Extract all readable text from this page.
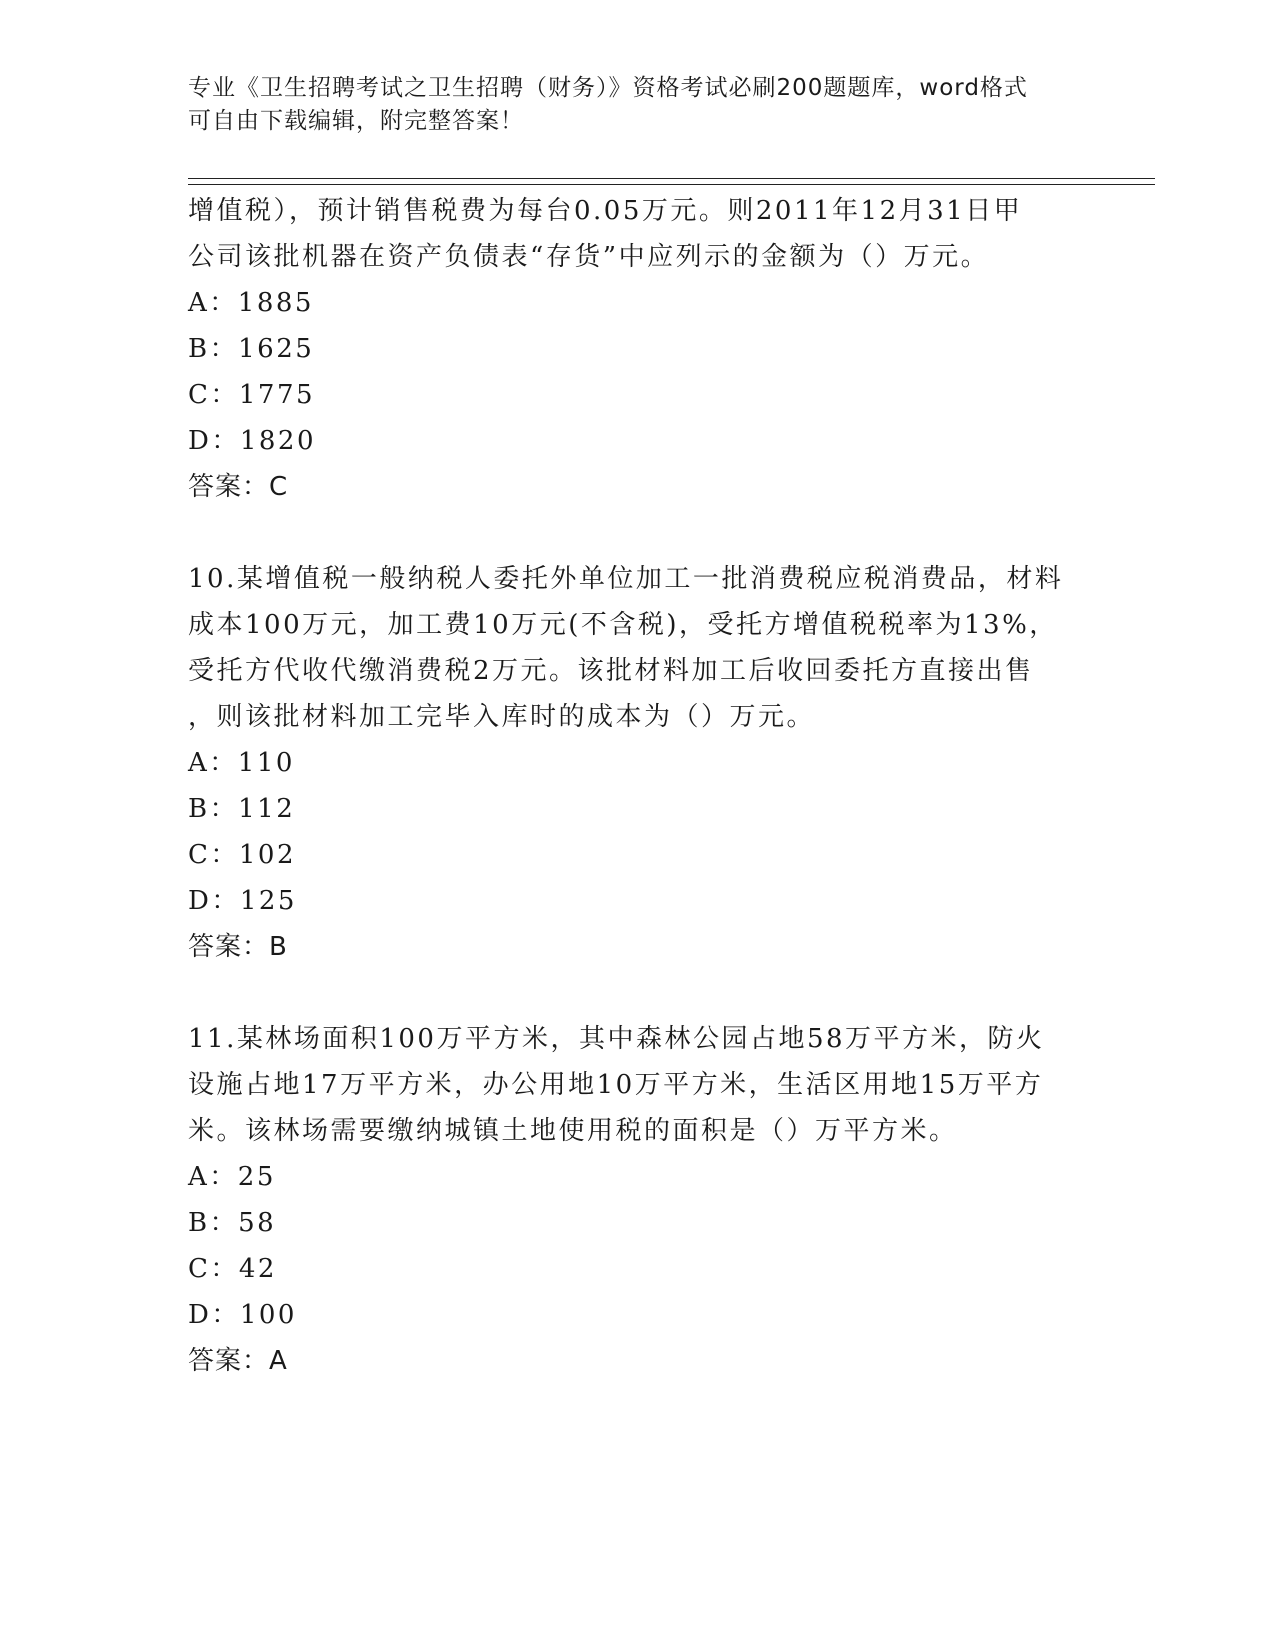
专业《卫生招聘考试之卫生招聘（财务）》资格考试必刷200题题库，word格式
可自由下载编辑，附完整答案！
增值税），预计销售税费为每台0.05万元。则2011年12月31日甲
公司该批机器在资产负债表“存货”中应列示的金额为（）万元。
A：1885
B：1625
C：1775
D：1820
答案：C
10.某增值税一般纳税人委托外单位加工一批消费税应税消费品，材料
成本100万元，加工费10万元(不含税)，受托方增值税税率为13%，
受托方代收代缴消费税2万元。该批材料加工后收回委托方直接出售
，则该批材料加工完毕入库时的成本为（）万元。
A：110
B：112
C：102
D：125
答案：B
11.某林场面积100万平方米，其中森林公园占地58万平方米，防火
设施占地17万平方米，办公用地10万平方米，生活区用地15万平方
米。该林场需要缴纳城镇土地使用税的面积是（）万平方米。
A：25
B：58
C：42
D：100
答案：A
